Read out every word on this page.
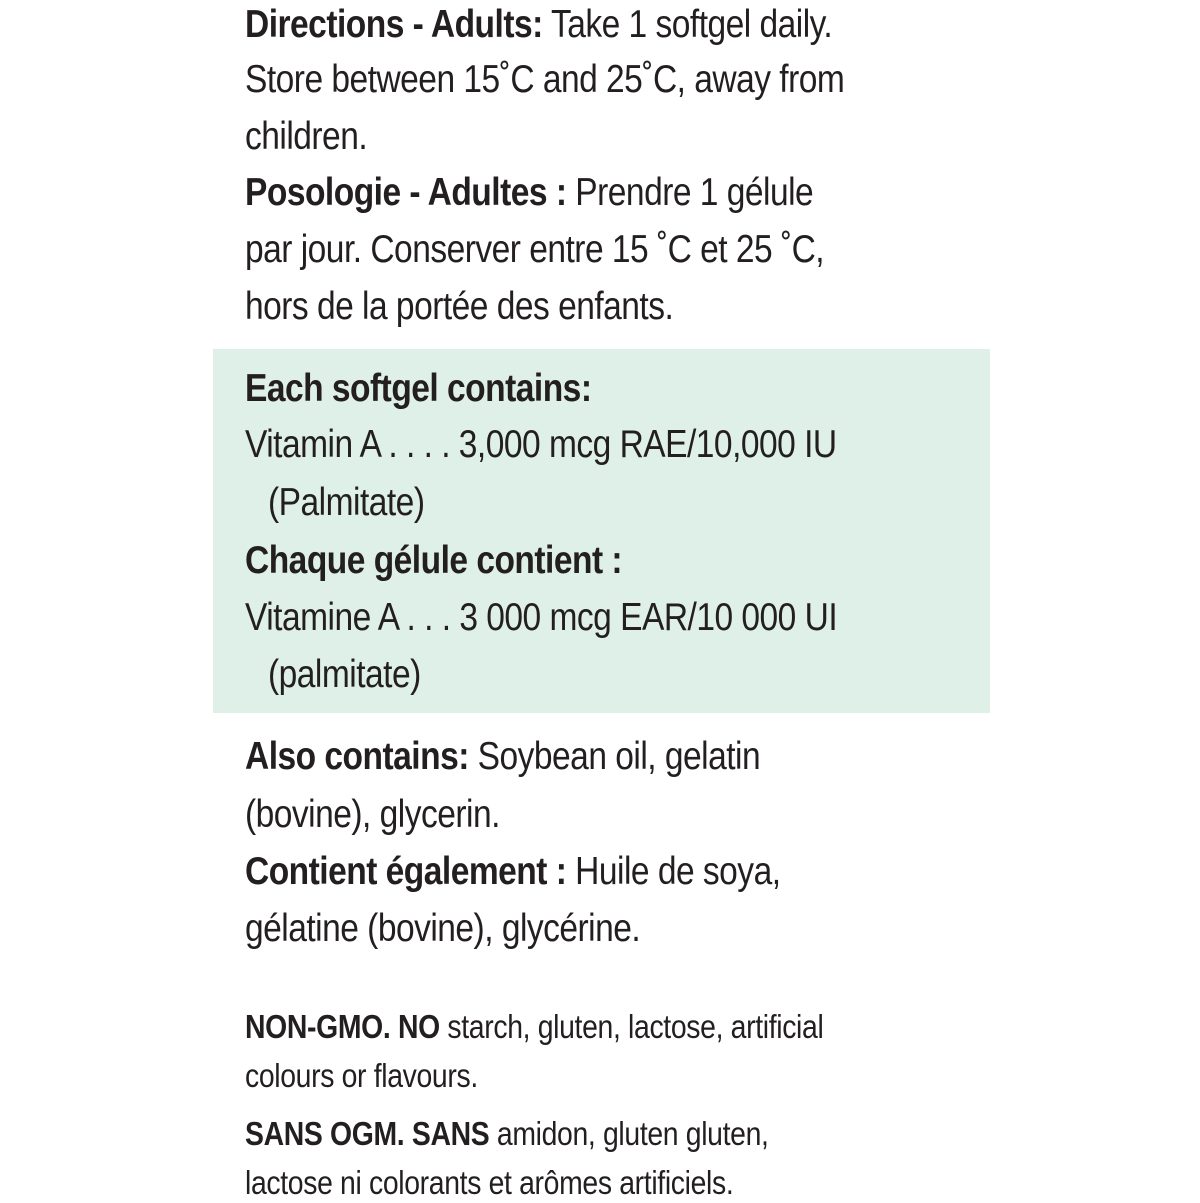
Directions - Adults: Take 1 softgel daily.
Store between 15˚C and 25˚C, away from
children.
Posologie - Adultes : Prendre 1 gélule
par jour. Conserver entre 15 ˚C et 25 ˚C,
hors de la portée des enfants.
Each softgel contains:
Vitamin A . . . . 3,000 mcg RAE/10,000 IU
(Palmitate)
Chaque gélule contient :
Vitamine A . . . 3 000 mcg EAR/10 000 UI
(palmitate)
Also contains: Soybean oil, gelatin
(bovine), glycerin.
Contient également : Huile de soya,
gélatine (bovine), glycérine.
NON-GMO. NO starch, gluten, lactose, artificial
colours or flavours.
SANS OGM. SANS amidon, gluten gluten,
lactose ni colorants et arômes artificiels.
